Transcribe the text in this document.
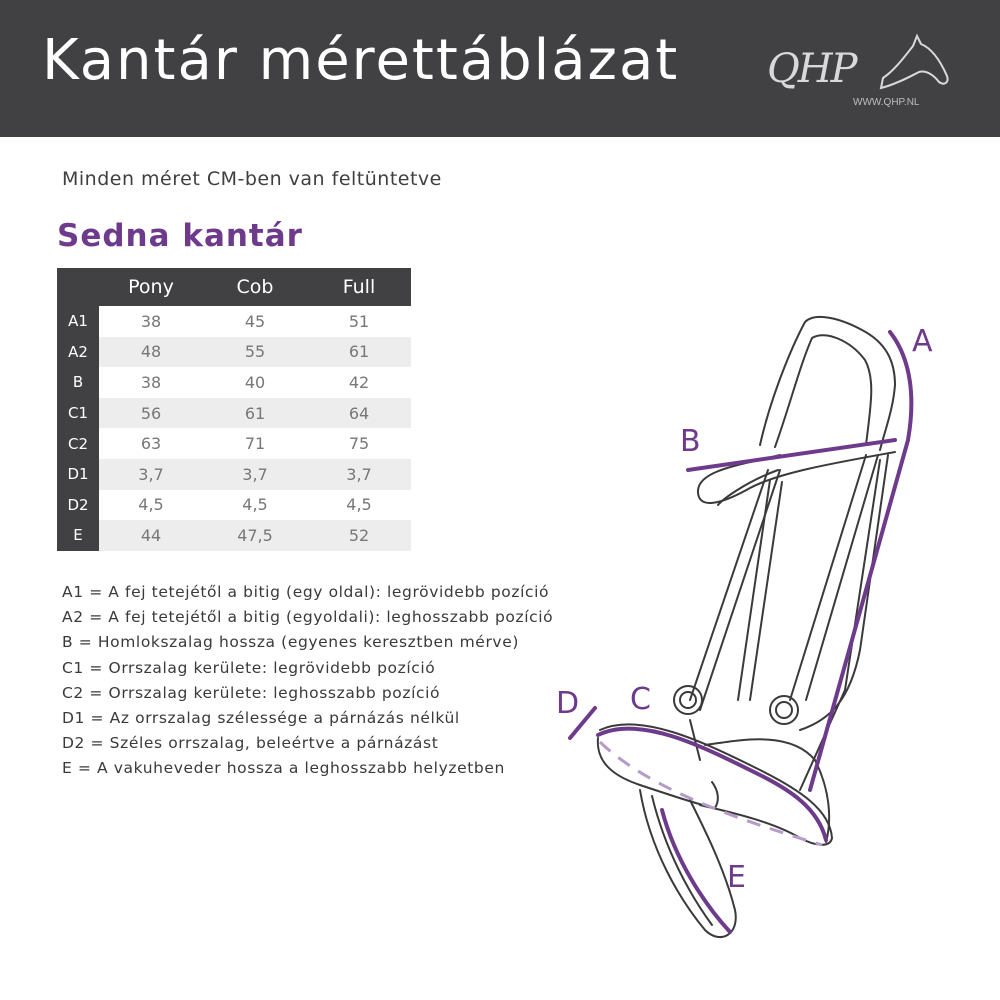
Kantár mérettáblázat QHP
WWW.QHP.NL
Minden méret CM-ben van feltüntetve
Sedna kantár
	Pony	Cob	Full
A1	38	45	51
A2	48	55	61
B	38	40	42
C1	56	61	64
C2	63	71	75
D1	3,7	3,7	3,7
D2	4,5	4,5	4,5
E	44	47,5	52
A1 = A fej tetejétől a bitig (egy oldal): legrövidebb pozíció
A2 = A fej tetejétől a bitig (egyoldali): leghosszabb pozíció
B = Homlokszalag hossza (egyenes keresztben mérve)
C1 = Orrszalag kerülete: legrövidebb pozíció
C2 = Orrszalag kerülete: leghosszabb pozíció
D1 = Az orrszalag szélessége a párnázás nélkül
D2 = Széles orrszalag, beleértve a párnázást
E = A vakuheveder hossza a leghosszabb helyzetben
A
B
C
D
E
